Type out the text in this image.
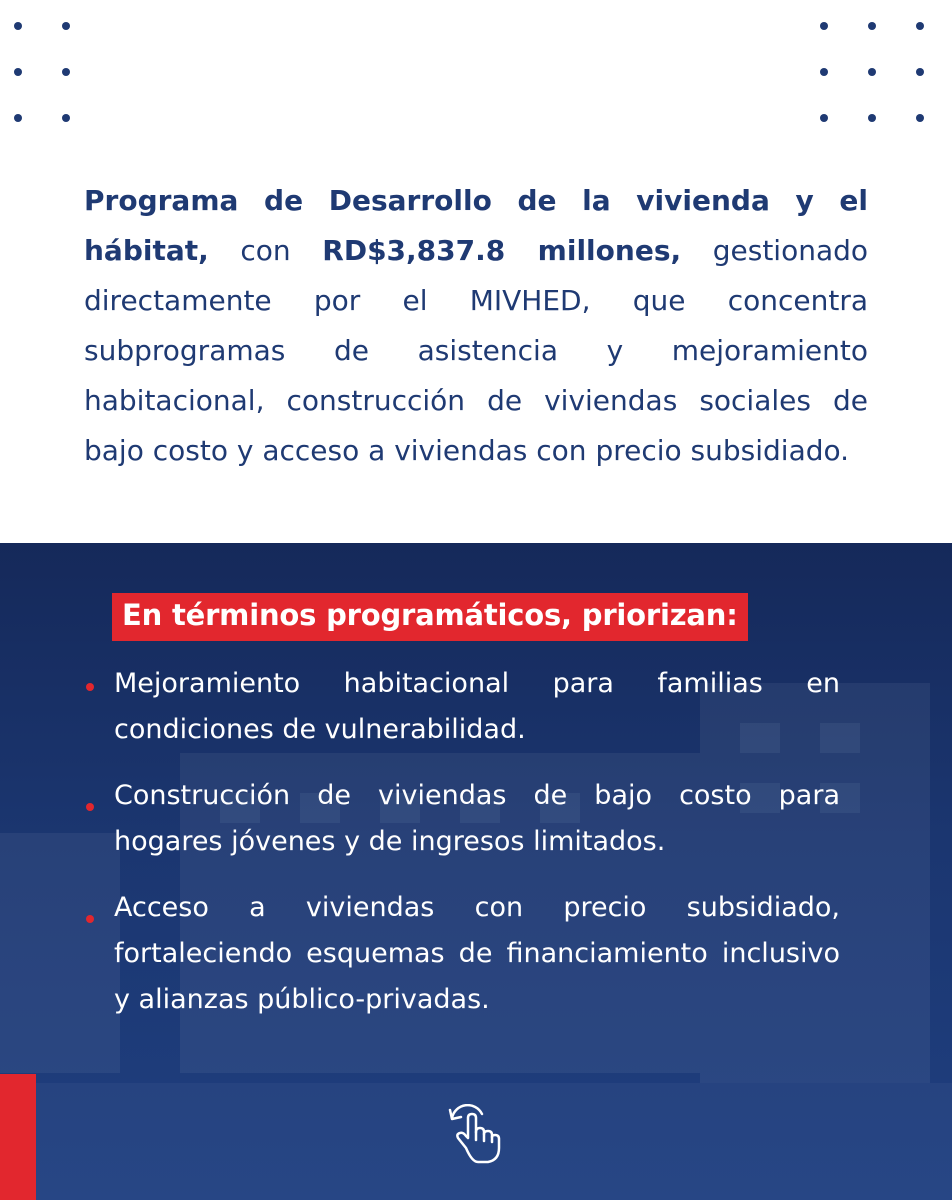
Programa de Desarrollo de la vivienda y el hábitat, con RD$3,837.8 millones, gestionado directamente por el MIVHED, que concentra subprogramas de asistencia y mejoramiento habitacional, construcción de viviendas sociales de bajo costo y acceso a viviendas con precio subsidiado.

En términos programáticos, priorizan:
Mejoramiento habitacional para familias en condiciones de vulnerabilidad.
Construcción de viviendas de bajo costo para hogares jóvenes y de ingresos limitados.
Acceso a viviendas con precio subsidiado, fortaleciendo esquemas de financiamiento inclusivo y alianzas público-privadas.
